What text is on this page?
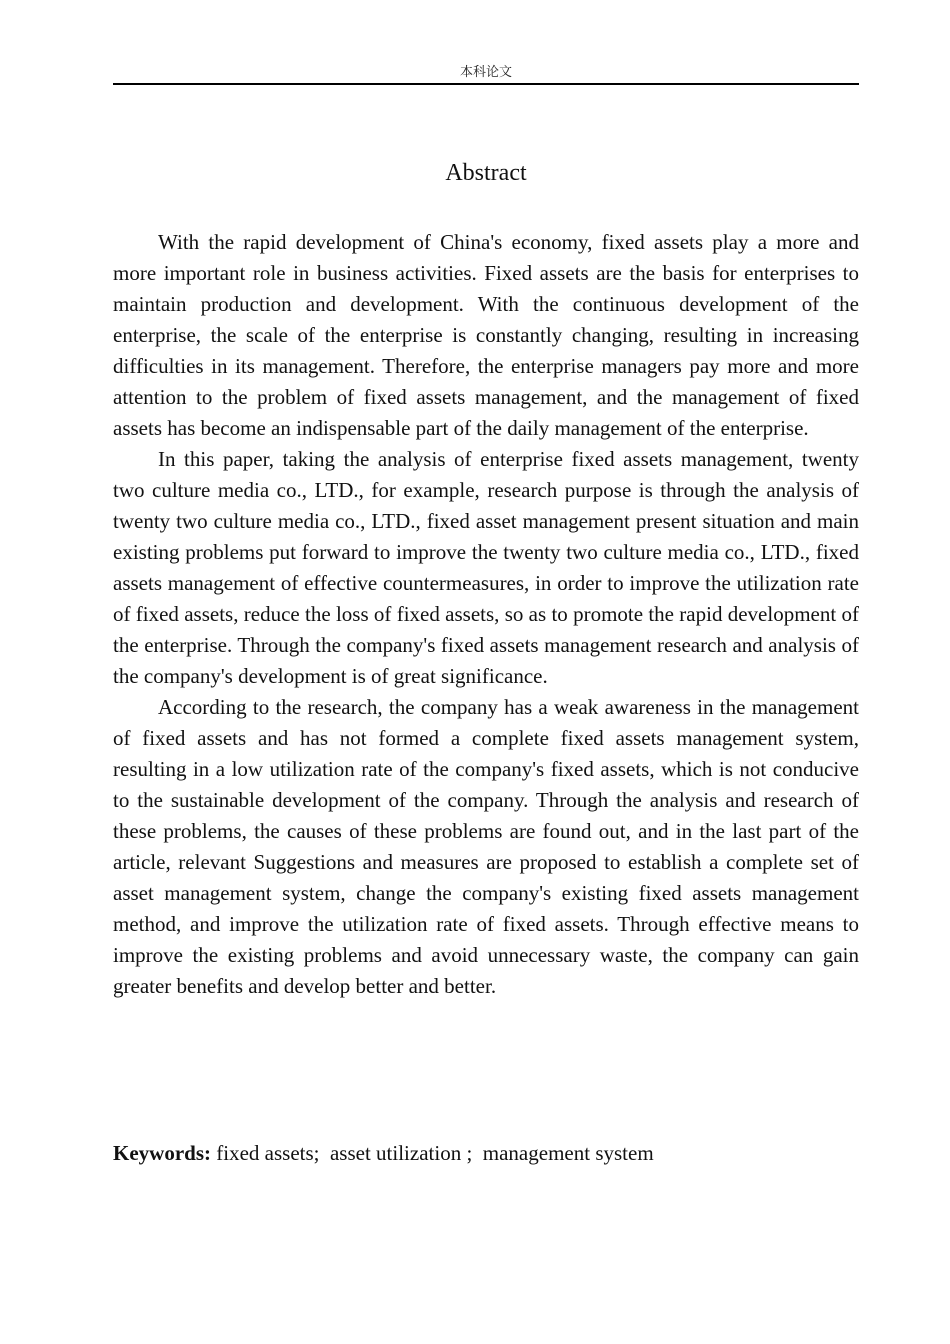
本科论文
Abstract

With the rapid development of China's economy, fixed assets play a more and more important role in business activities. Fixed assets are the basis for enterprises to maintain production and development. With the continuous development of the enterprise, the scale of the enterprise is constantly changing, resulting in increasing difficulties in its management. Therefore, the enterprise managers pay more and more attention to the problem of fixed assets management, and the management of fixed assets has become an indispensable part of the daily management of the enterprise.

In this paper, taking the analysis of enterprise fixed assets management, twenty two culture media co., LTD., for example, research purpose is through the analysis of twenty two culture media co., LTD., fixed asset management present situation and main existing problems put forward to improve the twenty two culture media co., LTD., fixed assets management of effective countermeasures, in order to improve the utilization rate of fixed assets, reduce the loss of fixed assets, so as to promote the rapid development of the enterprise. Through the company's fixed assets management research and analysis of the company's development is of great significance.

According to the research, the company has a weak awareness in the management of fixed assets and has not formed a complete fixed assets management system, resulting in a low utilization rate of the company's fixed assets, which is not conducive to the sustainable development of the company. Through the analysis and research of these problems, the causes of these problems are found out, and in the last part of the article, relevant Suggestions and measures are proposed to establish a complete set of asset management system, change the company's existing fixed assets management method, and improve the utilization rate of fixed assets. Through effective means to improve the existing problems and avoid unnecessary waste, the company can gain greater benefits and develop better and better.

Keywords: fixed assets;  asset utilization ;  management system
